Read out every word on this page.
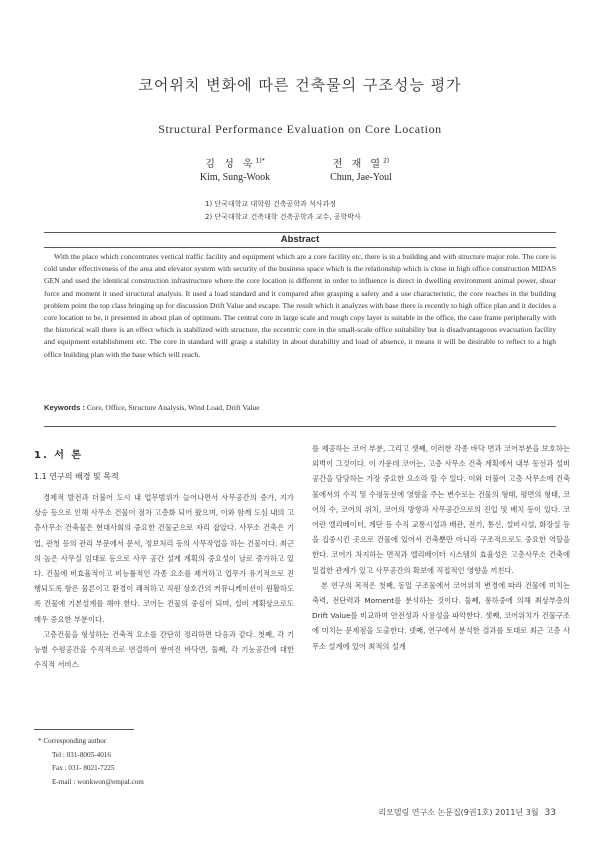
코어위치 변화에 따른 건축물의 구조성능 평가
Structural Performance Evaluation on Core Location
김 성 욱$^{1)*}$
Kim, Sung-Wook
전 재 열$^{2)}$
Chun, Jae-Youl
1) 단국대학교 대학원 건축공학과 석사과정
2) 단국대학교 건축대학 건축공학과 교수, 공학박사
Abstract
With the place which concentrates vertical traffic facility and equipment which are a core facility etc, there is in a building and with structure major role. The core is cold under effectiveness of the area and elevator system with security of the business space which is the relationship which is close in high office construction MIDAS GEN and used the identical construction infrastructure where the core location is different in order to influence is direct in dwelling environment animal power, shear force and moment it used structural analysis. It used a load standard and it compared after grasping a safety and a use characteristic, the core reaches in the building problem point the top class bringing up for discussion Drift Value and escape. The result which it analyzes with base there is recently to high office plan and it decides a core location to be, it presented in about plan of optimum. The central core in large scale and rough copy layer is suitable in the office, the case frame peripherally with the historical wall there is an effect which is stabilized with structure, the eccentric core in the small-scale office suitability but is disadvantageous evacuation facility and equipment establishment etc. The core in standard will grasp a stability in about durability and load of absence, it means it will be desirable to reflect to a high office building plan with the base which will reach.
Keywords : Core, Office, Structure Analysis, Wind Load, Drift Value
1. 서 론
1.1 연구의 배경 및 목적

경제적 발전과 더불어 도시 내 업무범위가 늘어나면서 사무공간의 증가, 지가 상승 등으로 인해 사무소 건물이 점차 고층화 되어 왔으며, 이와 함께 도심 내의 고층사무소 건축물은 현대사회의 중요한 건물군으로 자리 잡았다. 사무소 건축은 기업, 관청 등의 관리 부문에서 문서, 정보처리 등의 사무작업을 하는 건물이다. 최근의 높은 사무실 임대료 등으로 사무 공간 설계 계획의 중요성이 날로 증가하고 있다. 건물에 비효율적이고 비능률적인 각종 요소를 제거하고 업무가 유기적으로 진행되도록 함은 물론이고 환경이 쾌적하고 직원 상호간의 커뮤니케이션이 원활하도록 건물에 기본설계를 해야 한다. 코어는 건물의 중심이 되며, 설비 계획상으로도 매우 중요한 부분이다.

고층건물을 형성하는 건축적 요소를 간단히 정리하면 다음과 같다. 첫째, 각 기능별 수평공간을 수직적으로 연결하여 쌓여진 바닥면, 둘째, 각 기능공간에 대한 수직적 서비스

를 제공하는 코어 부분, 그리고 셋째, 이러한 각종 바닥 면과 코어부분을 보호하는 외벽이 그것이다. 이 가운데 코어는, 고층 사무소 건축 계획에서 내부 동선과 설비공간을 담당하는 가장 중요한 요소라 할 수 있다. 이와 더불어 고층 사무소에 건축물에서의 수직 및 수평동선에 영향을 주는 변수로는 건물의 형태, 평면의 형태, 코어의 수, 코어의 위치, 코어의 방향과 사무공간으로의 진입 및 배치 등이 있다. 코어란 엘리베이터, 계단 등 수직 교통시설과 배관, 전기, 통신, 설비시설, 화장실 등을 집중시킨 곳으로 건물에 있어서 건축뿐만 아니라 구조적으로도 중요한 역할을 한다. 코어가 차지하는 면적과 엘리베이터 시스템의 효율성은 고층사무소 건축에 밀접한 관계가 있고 사무공간의 확보에 직접적인 영향을 끼친다.

본 연구의 목적은 첫째, 동일 구조물에서 코어위치 변경에 따라 건물에 미치는 축력, 전단력과 Moment를 분석하는 것이다. 둘째, 풍하중에 의해 최상부층의 Drift Value를 비교하며 안전성과 사용성을 파악한다. 셋째, 코어위치가 건물구조에 미치는 문제점을 도출한다. 넷째, 연구에서 분석한 결과를 토대로 최근 고층 사무소 설계에 있어 최적의 설계

* Corresponding author
Tel : 031-8005-4016
Fax : 031- 8021-7225
E-mail : wonkwon@empal.com
리모델링 연구소 논문집(9권1호) 2011년 3월 33
